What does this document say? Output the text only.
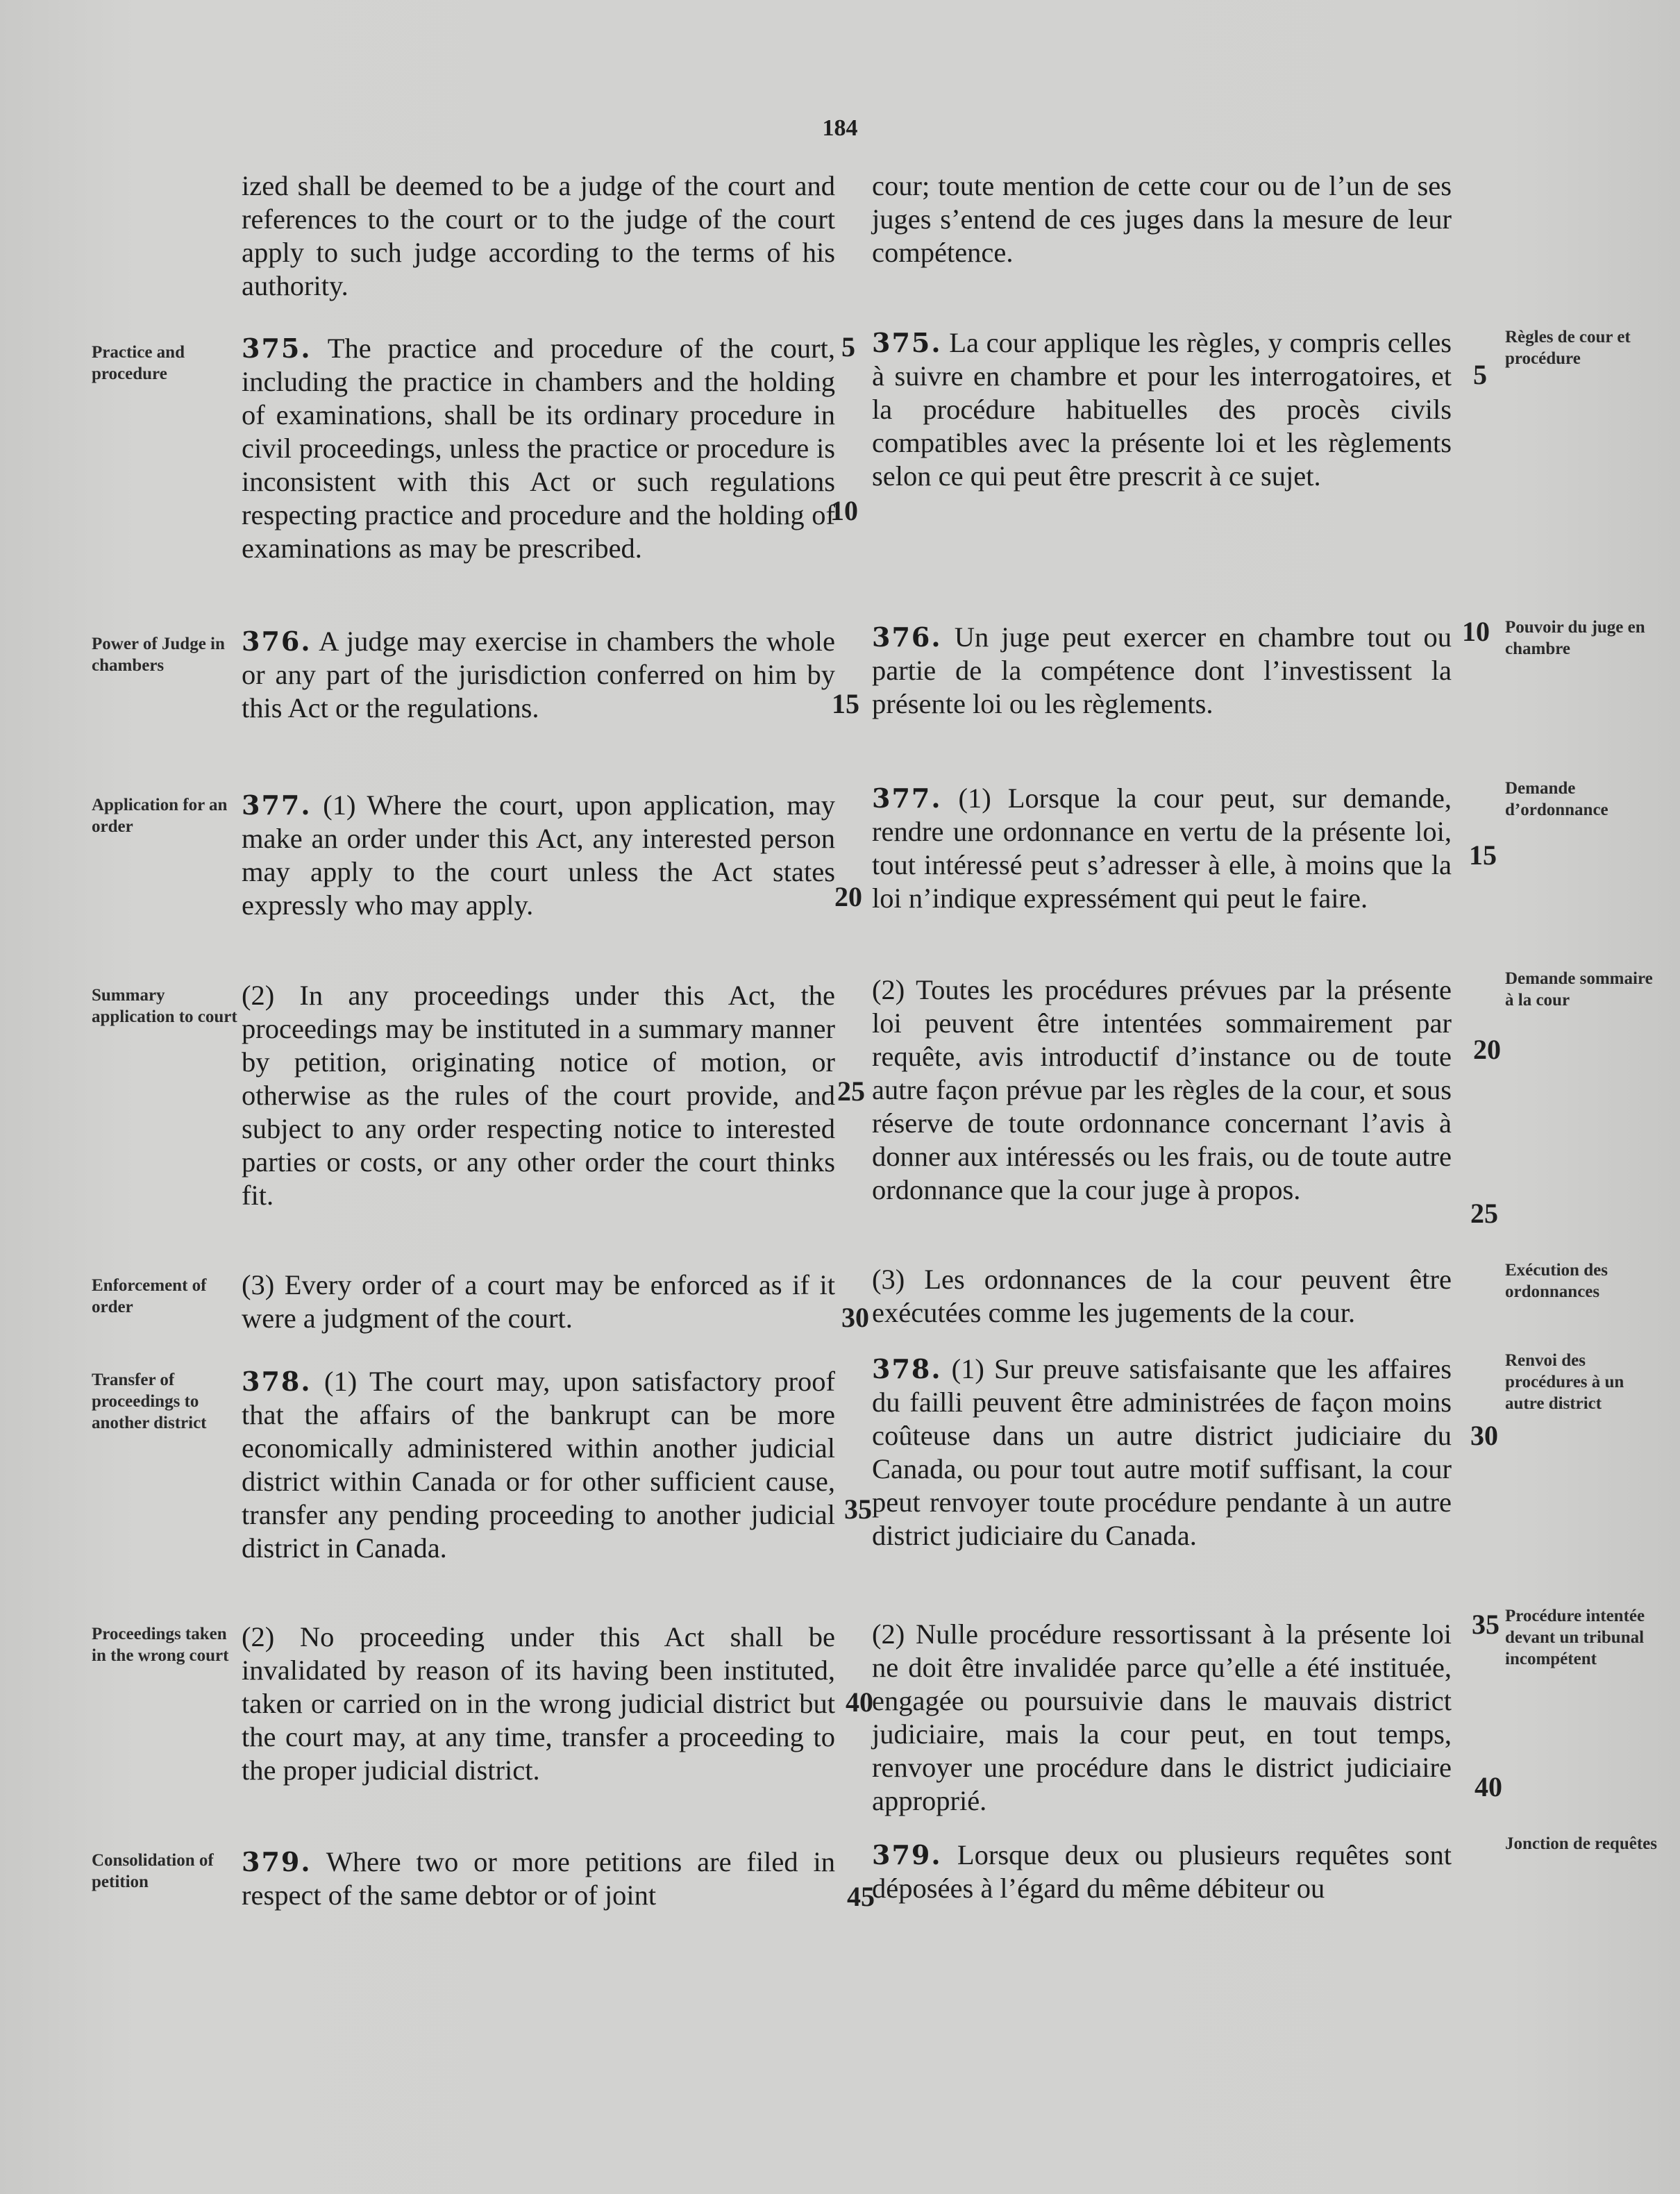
184
ized shall be deemed to be a judge of the court and references to the court or to the judge of the court apply to such judge according to the terms of his authority.
375. The practice and procedure of the court, including the practice in chambers and the holding of examinations, shall be its ordinary procedure in civil proceedings, unless the practice or procedure is inconsistent with this Act or such regulations respecting practice and procedure and the holding of examinations as may be prescribed.
376. A judge may exercise in chambers the whole or any part of the jurisdiction conferred on him by this Act or the regulations.
377. (1) Where the court, upon application, may make an order under this Act, any interested person may apply to the court unless the Act states expressly who may apply.
(2) In any proceedings under this Act, the proceedings may be instituted in a summary manner by petition, originating notice of motion, or otherwise as the rules of the court provide, and subject to any order respecting notice to interested parties or costs, or any other order the court thinks fit.
(3) Every order of a court may be enforced as if it were a judgment of the court.
378. (1) The court may, upon satisfactory proof that the affairs of the bankrupt can be more economically administered within another judicial district within Canada or for other sufficient cause, transfer any pending proceeding to another judicial district in Canada.
(2) No proceeding under this Act shall be invalidated by reason of its having been instituted, taken or carried on in the wrong judicial district but the court may, at any time, transfer a proceeding to the proper judicial district.
379. Where two or more petitions are filed in respect of the same debtor or of joint
cour; toute mention de cette cour ou de l’un de ses juges s’entend de ces juges dans la mesure de leur compétence.
375. La cour applique les règles, y compris celles à suivre en chambre et pour les interrogatoires, et la procédure habituelles des procès civils compatibles avec la présente loi et les règlements selon ce qui peut être prescrit à ce sujet.
376. Un juge peut exercer en chambre tout ou partie de la compétence dont l’investissent la présente loi ou les règlements.
377. (1) Lorsque la cour peut, sur demande, rendre une ordonnance en vertu de la présente loi, tout intéressé peut s’adresser à elle, à moins que la loi n’indique expressément qui peut le faire.
(2) Toutes les procédures prévues par la présente loi peuvent être intentées sommairement par requête, avis introductif d’instance ou de toute autre façon prévue par les règles de la cour, et sous réserve de toute ordonnance concernant l’avis à donner aux intéressés ou les frais, ou de toute autre ordonnance que la cour juge à propos.
(3) Les ordonnances de la cour peuvent être exécutées comme les jugements de la cour.
378. (1) Sur preuve satisfaisante que les affaires du failli peuvent être administrées de façon moins coûteuse dans un autre district judiciaire du Canada, ou pour tout autre motif suffisant, la cour peut renvoyer toute procédure pendante à un autre district judiciaire du Canada.
(2) Nulle procédure ressortissant à la présente loi ne doit être invalidée parce qu’elle a été instituée, engagée ou poursuivie dans le mauvais district judiciaire, mais la cour peut, en tout temps, renvoyer une procédure dans le district judiciaire approprié.
379. Lorsque deux ou plusieurs requêtes sont déposées à l’égard du même débiteur ou
Practice and procedure
Power of Judge in chambers
Application for an order
Summary application to court
Enforcement of order
Transfer of proceedings to another district
Proceedings taken in the wrong court
Consolidation of petition
Règles de cour et procédure
Pouvoir du juge en chambre
Demande d’ordonnance
Demande sommaire à la cour
Exécution des ordonnances
Renvoi des procédures à un autre district
Procédure intentée devant un tribunal incompétent
Jonction de requêtes
5
10
15
20
25
30
35
40
45
5
10
15
20
25
30
35
40
